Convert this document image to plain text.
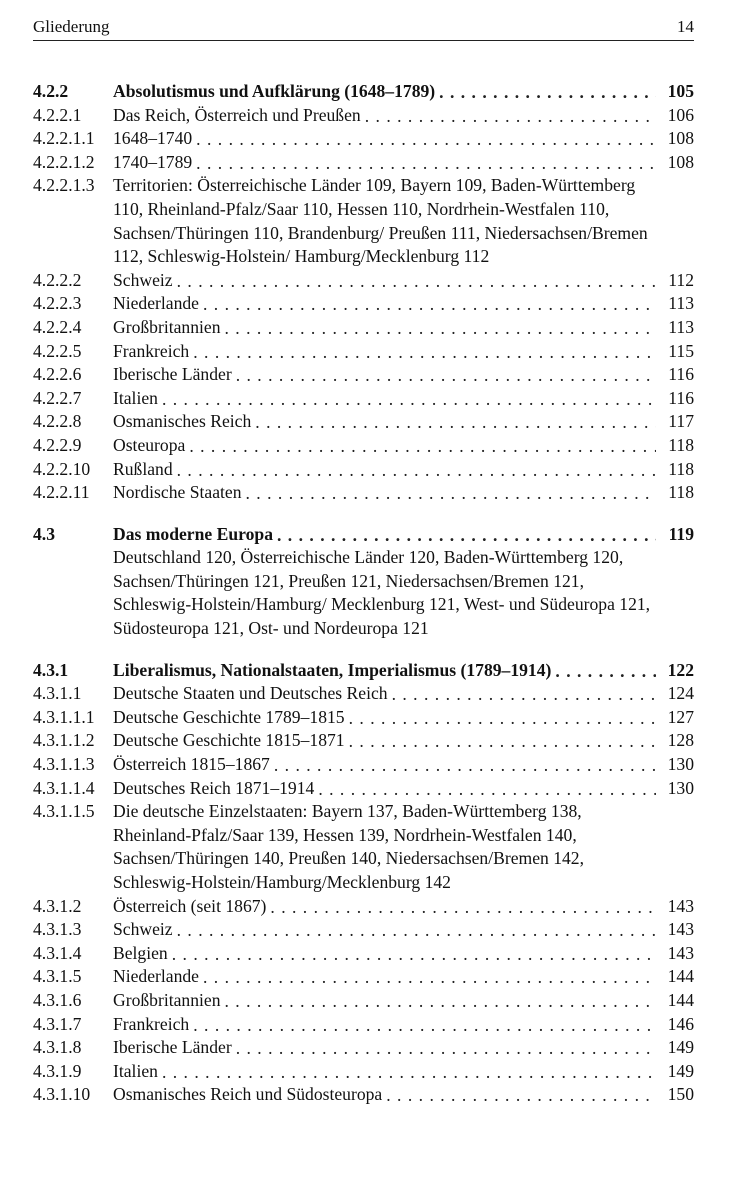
Gliederung	14
4.2.2	Absolutismus und Aufklärung (1648–1789) . . .	105
4.2.2.1 Das Reich, Österreich und Preußen . . .	106
4.2.2.1.1 1648–1740 . . .	108
4.2.2.1.2 1740–1789 . . .	108
4.2.2.1.3 Territorien: Österreichische Länder 109, Bayern 109, Baden-Württemberg 110, Rheinland-Pfalz/Saar 110, Hessen 110, Nordrhein-Westfalen 110, Sachsen/Thüringen 110, Brandenburg/ Preußen 111, Niedersachsen/Bremen 112, Schleswig-Holstein/ Hamburg/Mecklenburg 112
4.2.2.2 Schweiz . . .	112
4.2.2.3 Niederlande . . .	113
4.2.2.4 Großbritannien . . .	113
4.2.2.5 Frankreich . . .	115
4.2.2.6 Iberische Länder . . .	116
4.2.2.7 Italien . . .	116
4.2.2.8 Osmanisches Reich . . .	117
4.2.2.9 Osteuropa . . .	118
4.2.2.10 Rußland . . .	118
4.2.2.11 Nordische Staaten . . .	118
4.3	Das moderne Europa . . .	119
Deutschland 120, Österreichische Länder 120, Baden-Württemberg 120, Sachsen/Thüringen 121, Preußen 121, Niedersachsen/Bremen 121, Schleswig-Holstein/Hamburg/ Mecklenburg 121, West- und Südeuropa 121, Südosteuropa 121, Ost- und Nordeuropa 121
4.3.1	Liberalismus, Nationalstaaten, Imperialismus (1789–1914) . . .	122
4.3.1.1 Deutsche Staaten und Deutsches Reich . . .	124
4.3.1.1.1 Deutsche Geschichte 1789–1815 . . .	127
4.3.1.1.2 Deutsche Geschichte 1815–1871 . . .	128
4.3.1.1.3 Österreich 1815–1867 . . .	130
4.3.1.1.4 Deutsches Reich 1871–1914 . . .	130
4.3.1.1.5 Die deutsche Einzelstaaten: Bayern 137, Baden-Württemberg 138, Rheinland-Pfalz/Saar 139, Hessen 139, Nordrhein-Westfalen 140, Sachsen/Thüringen 140, Preußen 140, Niedersachsen/Bremen 142, Schleswig-Holstein/Hamburg/Mecklenburg 142
4.3.1.2 Österreich (seit 1867) . . .	143
4.3.1.3 Schweiz . . .	143
4.3.1.4 Belgien . . .	143
4.3.1.5 Niederlande . . .	144
4.3.1.6 Großbritannien . . .	144
4.3.1.7 Frankreich . . .	146
4.3.1.8 Iberische Länder . . .	149
4.3.1.9 Italien . . .	149
4.3.1.10 Osmanisches Reich und Südosteuropa . . .	150
